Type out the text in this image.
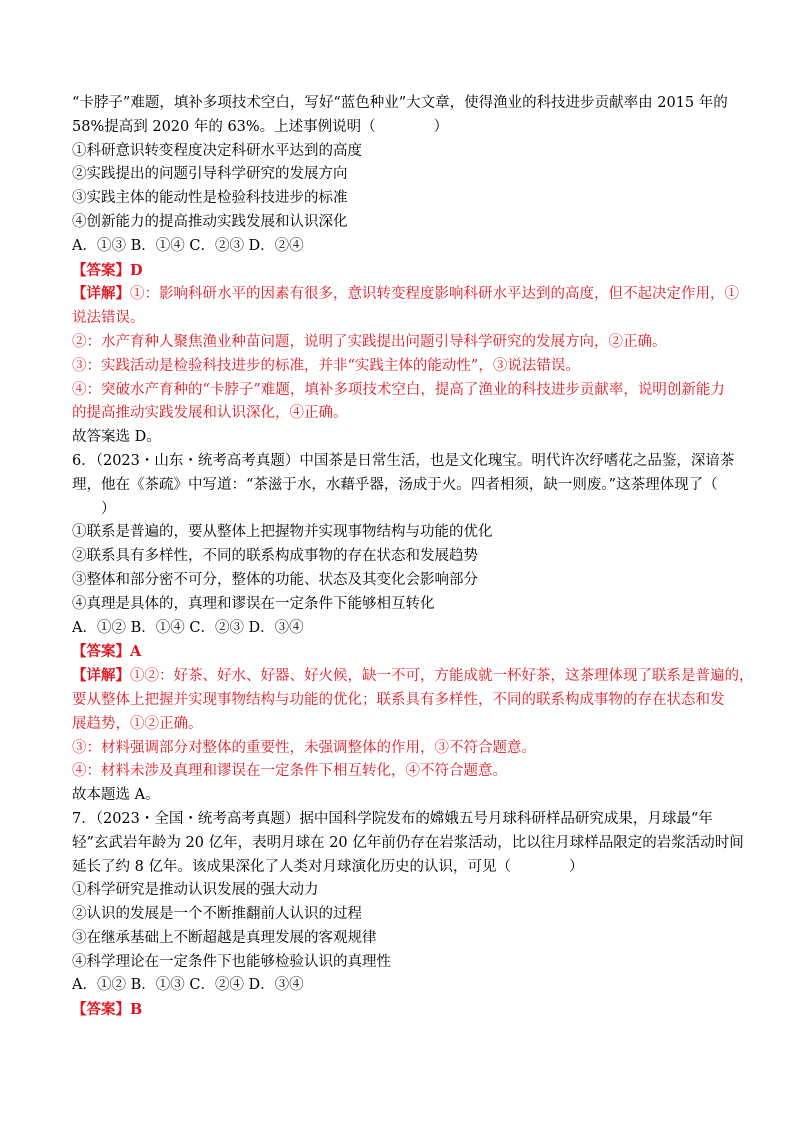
“卡脖子”难题，填补多项技术空白，写好“蓝色种业”大文章，使得渔业的科技进步贡献率由 2015 年的
58%提高到 2020 年的 63%。上述事例说明（　　　　）
①科研意识转变程度决定科研水平达到的高度
②实践提出的问题引导科学研究的发展方向
③实践主体的能动性是检验科技进步的标准
④创新能力的提高推动实践发展和认识深化
A．①③ B．①④ C．②③ D．②④
【答案】D
【详解】①：影响科研水平的因素有很多，意识转变程度影响科研水平达到的高度，但不起决定作用，①
说法错误。
②：水产育种人聚焦渔业种苗问题，说明了实践提出问题引导科学研究的发展方向，②正确。
③：实践活动是检验科技进步的标准，并非“实践主体的能动性”，③说法错误。
④：突破水产育种的“卡脖子”难题，填补多项技术空白，提高了渔业的科技进步贡献率，说明创新能力
的提高推动实践发展和认识深化，④正确。
故答案选 D。
6．（2023・山东・统考高考真题）中国茶是日常生活，也是文化瑰宝。明代许次纾嗜花之品鉴，深谙茶
理，他在《茶疏》中写道：“茶滋于水，水藉乎器，汤成于火。四者相须，缺一则废。”这茶理体现了（
　　）
①联系是普遍的，要从整体上把握物并实现事物结构与功能的优化
②联系具有多样性，不同的联系构成事物的存在状态和发展趋势
③整体和部分密不可分，整体的功能、状态及其变化会影响部分
④真理是具体的，真理和谬误在一定条件下能够相互转化
A．①② B．①④ C．②③ D．③④
【答案】A
【详解】①②：好茶、好水、好器、好火候，缺一不可，方能成就一杯好茶，这茶理体现了联系是普遍的，
要从整体上把握并实现事物结构与功能的优化；联系具有多样性，不同的联系构成事物的存在状态和发
展趋势，①②正确。
③：材料强调部分对整体的重要性，未强调整体的作用，③不符合题意。
④：材料未涉及真理和谬误在一定条件下相互转化，④不符合题意。
故本题选 A。
7．（2023・全国・统考高考真题）据中国科学院发布的嫦娥五号月球科研样品研究成果，月球最“年
轻”玄武岩年龄为 20 亿年，表明月球在 20 亿年前仍存在岩浆活动，比以往月球样品限定的岩浆活动时间
延长了约 8 亿年。该成果深化了人类对月球演化历史的认识，可见（　　　　）
①科学研究是推动认识发展的强大动力
②认识的发展是一个不断推翻前人认识的过程
③在继承基础上不断超越是真理发展的客观规律
④科学理论在一定条件下也能够检验认识的真理性
A．①② B．①③ C．②④ D．③④
【答案】B
